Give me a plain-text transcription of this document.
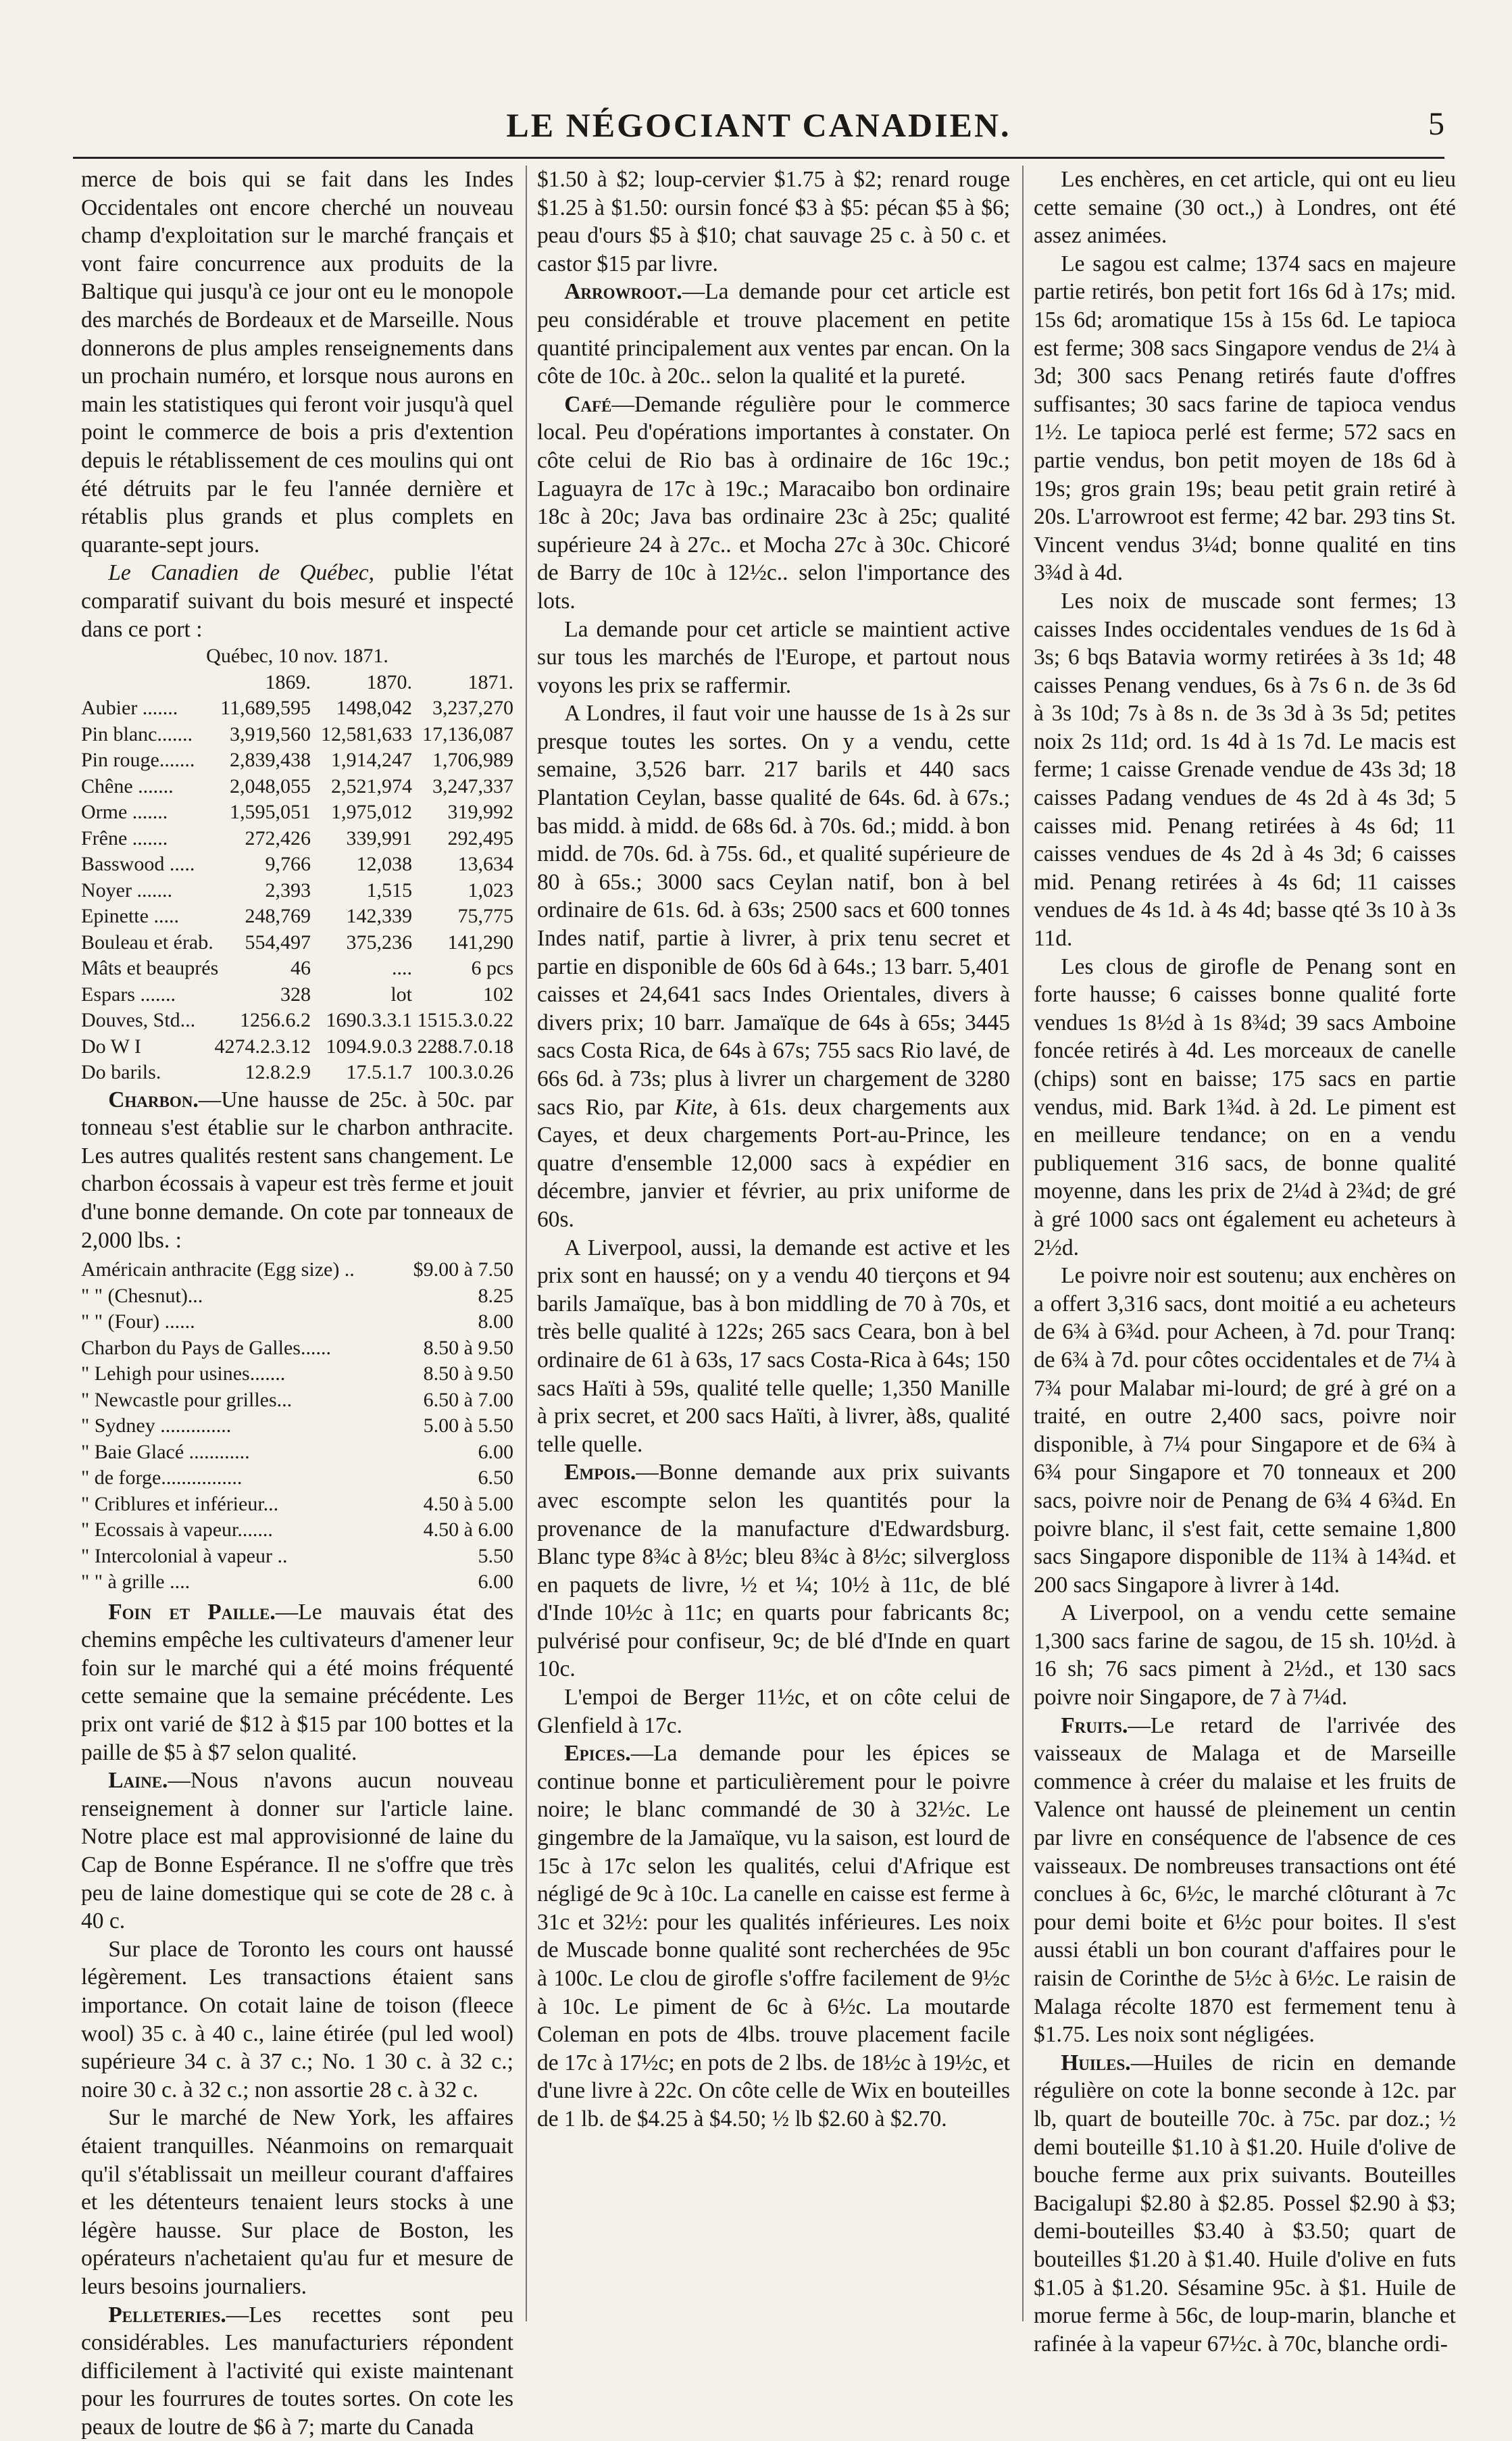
LE NÉGOCIANT CANADIEN.	5

merce de bois qui se fait dans les Indes Occidentales ont encore cherché un nouveau champ d'exploitation sur le marché français et vont faire concurrence aux produits de la Baltique qui jusqu'à ce jour ont eu le monopole des marchés de Bordeaux et de Marseille. Nous donnerons de plus amples renseignements dans un prochain numéro, et lorsque nous aurons en main les statistiques qui feront voir jusqu'à quel point le commerce de bois a pris d'extention depuis le rétablissement de ces moulins qui ont été détruits par le feu l'année dernière et rétablis plus grands et plus complets en quarante-sept jours.

Le Canadien de Québec, publie l'état comparatif suivant du bois mesuré et inspecté dans ce port :

Québec, 10 nov. 1871.
1869.	1870.	1871.
Aubier .......	11,689,595	1498,042	3,237,270
Pin blanc.......	3,919,560 12,581,633 17,136,087
Pin rouge.......	2,839,438	1,914,247	1,706,989
Chêne .......	2,048,055	2,521,974	3,247,337
Orme .......	1,595,051	1,975,012	319,992
Frêne .......	272,426	339,991	292,495
Basswood .....	9,766	12,038	13,634
Noyer .......	2,393	1,515	1,023
Epinette .....	248,769	142,339	75,775
Bouleau et érab.	554,497	375,236	141,290
Mâts et beauprés	46	....	6 pcs
Espars .......	328	lot	102
Douves, Std...	1256.6.2 1690.3.3.1 1515.3.0.22
Do W I	4274.2.3.12 1094.9.0.3 2288.7.0.18
Do barils.	12.8.2.9	17.5.1.7 100.3.0.26

Charbon.—Une hausse de 25c. à 50c. par tonneau s'est établie sur le charbon anthracite. Les autres qualités restent sans changement. Le charbon écossais à vapeur est très ferme et jouit d'une bonne demande. On cote par tonneaux de 2,000 lbs. :

Américain anthracite (Egg size) ..	$9.00 à 7.50
" " (Chesnut)...	8.25
" " (Four) ......	8.00
Charbon du Pays de Galles......	8.50 à 9.50
" Lehigh pour usines.......	8.50 à 9.50
" Newcastle pour grilles...	6.50 à 7.00
" Sydney ..............	5.00 à 5.50
" Baie Glacé ............	6.00
" de forge................	6.50
" Criblures et inférieur...	4.50 à 5.00
" Ecossais à vapeur.......	4.50 à 6.00
" Intercolonial à vapeur ..	5.50
" " à grille ....	6.00

Foin et Paille.—Le mauvais état des chemins empêche les cultivateurs d'amener leur foin sur le marché qui a été moins fréquenté cette semaine que la semaine précédente. Les prix ont varié de $12 à $15 par 100 bottes et la paille de $5 à $7 selon qualité.

Laine.—Nous n'avons aucun nouveau renseignement à donner sur l'article laine. Notre place est mal approvisionné de laine du Cap de Bonne Espérance. Il ne s'offre que très peu de laine domestique qui se cote de 28 c. à 40 c.

Sur place de Toronto les cours ont haussé légèrement. Les transactions étaient sans importance. On cotait laine de toison (fleece wool) 35 c. à 40 c., laine étirée (pul led wool) supérieure 34 c. à 37 c.; No. 1 30 c. à 32 c.; noire 30 c. à 32 c.; non assortie 28 c. à 32 c.

Sur le marché de New York, les affaires étaient tranquilles. Néanmoins on remarquait qu'il s'établissait un meilleur courant d'affaires et les détenteurs tenaient leurs stocks à une légère hausse. Sur place de Boston, les opérateurs n'achetaient qu'au fur et mesure de leurs besoins journaliers.

Pelleteries.—Les recettes sont peu considérables. Les manufacturiers répondent difficilement à l'activité qui existe maintenant pour les fourrures de toutes sortes. On cote les peaux de loutre de $6 à 7; marte du Canada

$1.50 à $2; loup-cervier $1.75 à $2; renard rouge $1.25 à $1.50: oursin foncé $3 à $5: pécan $5 à $6; peau d'ours $5 à $10; chat sauvage 25 c. à 50 c. et castor $15 par livre.

Arrowroot.—La demande pour cet article est peu considérable et trouve placement en petite quantité principalement aux ventes par encan. On la côte de 10c. à 20c.. selon la qualité et la pureté.

Café—Demande régulière pour le commerce local. Peu d'opérations importantes à constater. On côte celui de Rio bas à ordinaire de 16c 19c.; Laguayra de 17c à 19c.; Maracaibo bon ordinaire 18c à 20c; Java bas ordinaire 23c à 25c; qualité supérieure 24 à 27c.. et Mocha 27c à 30c. Chicoré de Barry de 10c à 12½c.. selon l'importance des lots.

La demande pour cet article se maintient active sur tous les marchés de l'Europe, et partout nous voyons les prix se raffermir.

A Londres, il faut voir une hausse de 1s à 2s sur presque toutes les sortes. On y a vendu, cette semaine, 3,526 barr. 217 barils et 440 sacs Plantation Ceylan, basse qualité de 64s. 6d. à 67s.; bas midd. à midd. de 68s 6d. à 70s. 6d.; midd. à bon midd. de 70s. 6d. à 75s. 6d., et qualité supérieure de 80 à 65s.; 3000 sacs Ceylan natif, bon à bel ordinaire de 61s. 6d. à 63s; 2500 sacs et 600 tonnes Indes natif, partie à livrer, à prix tenu secret et partie en disponible de 60s 6d à 64s.; 13 barr. 5,401 caisses et 24,641 sacs Indes Orientales, divers à divers prix; 10 barr. Jamaïque de 64s à 65s; 3445 sacs Costa Rica, de 64s à 67s; 755 sacs Rio lavé, de 66s 6d. à 73s; plus à livrer un chargement de 3280 sacs Rio, par Kite, à 61s. deux chargements aux Cayes, et deux chargements Port-au-Prince, les quatre d'ensemble 12,000 sacs à expédier en décembre, janvier et février, au prix uniforme de 60s.

A Liverpool, aussi, la demande est active et les prix sont en haussé; on y a vendu 40 tierçons et 94 barils Jamaïque, bas à bon middling de 70 à 70s, et très belle qualité à 122s; 265 sacs Ceara, bon à bel ordinaire de 61 à 63s, 17 sacs Costa-Rica à 64s; 150 sacs Haïti à 59s, qualité telle quelle; 1,350 Manille à prix secret, et 200 sacs Haïti, à livrer, à8s, qualité telle quelle.

Empois.—Bonne demande aux prix suivants avec escompte selon les quantités pour la provenance de la manufacture d'Edwardsburg. Blanc type 8¾c à 8½c; bleu 8¾c à 8½c; silvergloss en paquets de livre, ½ et ¼; 10½ à 11c, de blé d'Inde 10½c à 11c; en quarts pour fabricants 8c; pulvérisé pour confiseur, 9c; de blé d'Inde en quart 10c.

L'empoi de Berger 11½c, et on côte celui de Glenfield à 17c.

Epices.—La demande pour les épices se continue bonne et particulièrement pour le poivre noire; le blanc commandé de 30 à 32½c. Le gingembre de la Jamaïque, vu la saison, est lourd de 15c à 17c selon les qualités, celui d'Afrique est négligé de 9c à 10c. La canelle en caisse est ferme à 31c et 32½: pour les qualités inférieures. Les noix de Muscade bonne qualité sont recherchées de 95c à 100c. Le clou de girofle s'offre facilement de 9½c à 10c. Le piment de 6c à 6½c. La moutarde Coleman en pots de 4lbs. trouve placement facile de 17c à 17½c; en pots de 2 lbs. de 18½c à 19½c, et d'une livre à 22c. On côte celle de Wix en bouteilles de 1 lb. de $4.25 à $4.50; ½ lb $2.60 à $2.70.

Les enchères, en cet article, qui ont eu lieu cette semaine (30 oct.,) à Londres, ont été assez animées.

Le sagou est calme; 1374 sacs en majeure partie retirés, bon petit fort 16s 6d à 17s; mid. 15s 6d; aromatique 15s à 15s 6d. Le tapioca est ferme; 308 sacs Singapore vendus de 2¼ à 3d; 300 sacs Penang retirés faute d'offres suffisantes; 30 sacs farine de tapioca vendus 1½. Le tapioca perlé est ferme; 572 sacs en partie vendus, bon petit moyen de 18s 6d à 19s; gros grain 19s; beau petit grain retiré à 20s. L'arrowroot est ferme; 42 bar. 293 tins St. Vincent vendus 3¼d; bonne qualité en tins 3¾d à 4d.

Les noix de muscade sont fermes; 13 caisses Indes occidentales vendues de 1s 6d à 3s; 6 bqs Batavia wormy retirées à 3s 1d; 48 caisses Penang vendues, 6s à 7s 6 n. de 3s 6d à 3s 10d; 7s à 8s n. de 3s 3d à 3s 5d; petites noix 2s 11d; ord. 1s 4d à 1s 7d. Le macis est ferme; 1 caisse Grenade vendue de 43s 3d; 18 caisses Padang vendues de 4s 2d à 4s 3d; 5 caisses mid. Penang retirées à 4s 6d; 11 caisses vendues de 4s 2d à 4s 3d; 6 caisses mid. Penang retirées à 4s 6d; 11 caisses vendues de 4s 1d. à 4s 4d; basse qté 3s 10 à 3s 11d.

Les clous de girofle de Penang sont en forte hausse; 6 caisses bonne qualité forte vendues 1s 8½d à 1s 8¾d; 39 sacs Amboine foncée retirés à 4d. Les morceaux de canelle (chips) sont en baisse; 175 sacs en partie vendus, mid. Bark 1¾d. à 2d. Le piment est en meilleure tendance; on en a vendu publiquement 316 sacs, de bonne qualité moyenne, dans les prix de 2¼d à 2¾d; de gré à gré 1000 sacs ont également eu acheteurs à 2½d.

Le poivre noir est soutenu; aux enchères on a offert 3,316 sacs, dont moitié a eu acheteurs de 6¾ à 6¾d. pour Acheen, à 7d. pour Tranq: de 6¾ à 7d. pour côtes occidentales et de 7¼ à 7¾ pour Malabar mi-lourd; de gré à gré on a traité, en outre 2,400 sacs, poivre noir disponible, à 7¼ pour Singapore et de 6¾ à 6¾ pour Singapore et 70 tonneaux et 200 sacs, poivre noir de Penang de 6¾ 4 6¾d. En poivre blanc, il s'est fait, cette semaine 1,800 sacs Singapore disponible de 11¾ à 14¾d. et 200 sacs Singapore à livrer à 14d.

A Liverpool, on a vendu cette semaine 1,300 sacs farine de sagou, de 15 sh. 10½d. à 16 sh; 76 sacs piment à 2½d., et 130 sacs poivre noir Singapore, de 7 à 7¼d.

Fruits.—Le retard de l'arrivée des vaisseaux de Malaga et de Marseille commence à créer du malaise et les fruits de Valence ont haussé de pleinement un centin par livre en conséquence de l'absence de ces vaisseaux. De nombreuses transactions ont été conclues à 6c, 6½c, le marché clôturant à 7c pour demi boite et 6½c pour boites. Il s'est aussi établi un bon courant d'affaires pour le raisin de Corinthe de 5½c à 6½c. Le raisin de Malaga récolte 1870 est fermement tenu à $1.75. Les noix sont négligées.

Huiles.—Huiles de ricin en demande régulière on cote la bonne seconde à 12c. par lb, quart de bouteille 70c. à 75c. par doz.; ½ demi bouteille $1.10 à $1.20. Huile d'olive de bouche ferme aux prix suivants. Bouteilles Bacigalupi $2.80 à $2.85. Possel $2.90 à $3; demi-bouteilles $3.40 à $3.50; quart de bouteilles $1.20 à $1.40. Huile d'olive en futs $1.05 à $1.20. Sésamine 95c. à $1. Huile de morue ferme à 56c, de loup-marin, blanche et rafinée à la vapeur 67½c. à 70c, blanche ordi-
